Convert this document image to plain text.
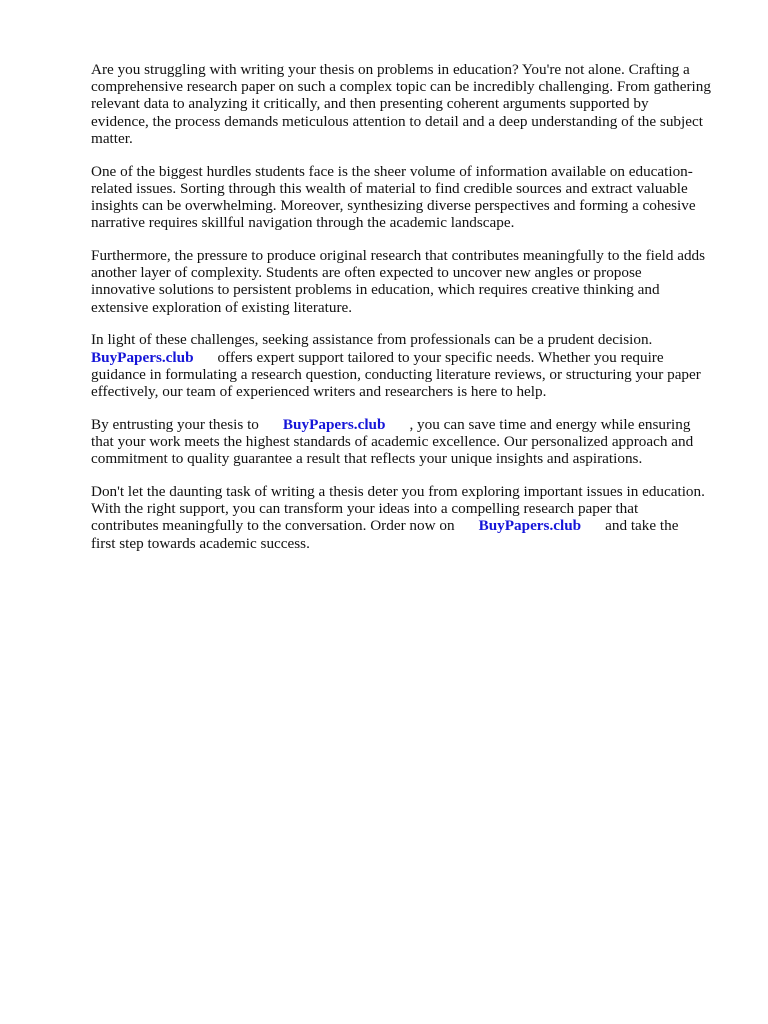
Are you struggling with writing your thesis on problems in education? You're not alone. Crafting a
comprehensive research paper on such a complex topic can be incredibly challenging. From gathering
relevant data to analyzing it critically, and then presenting coherent arguments supported by
evidence, the process demands meticulous attention to detail and a deep understanding of the subject
matter.

One of the biggest hurdles students face is the sheer volume of information available on education-
related issues. Sorting through this wealth of material to find credible sources and extract valuable
insights can be overwhelming. Moreover, synthesizing diverse perspectives and forming a cohesive
narrative requires skillful navigation through the academic landscape.

Furthermore, the pressure to produce original research that contributes meaningfully to the field adds
another layer of complexity. Students are often expected to uncover new angles or propose
innovative solutions to persistent problems in education, which requires creative thinking and
extensive exploration of existing literature.

In light of these challenges, seeking assistance from professionals can be a prudent decision.
BuyPapers.club offers expert support tailored to your specific needs. Whether you require
guidance in formulating a research question, conducting literature reviews, or structuring your paper
effectively, our team of experienced writers and researchers is here to help.

By entrusting your thesis to BuyPapers.club , you can save time and energy while ensuring
that your work meets the highest standards of academic excellence. Our personalized approach and
commitment to quality guarantee a result that reflects your unique insights and aspirations.

Don't let the daunting task of writing a thesis deter you from exploring important issues in education.
With the right support, you can transform your ideas into a compelling research paper that
contributes meaningfully to the conversation. Order now on BuyPapers.club and take the
first step towards academic success.
